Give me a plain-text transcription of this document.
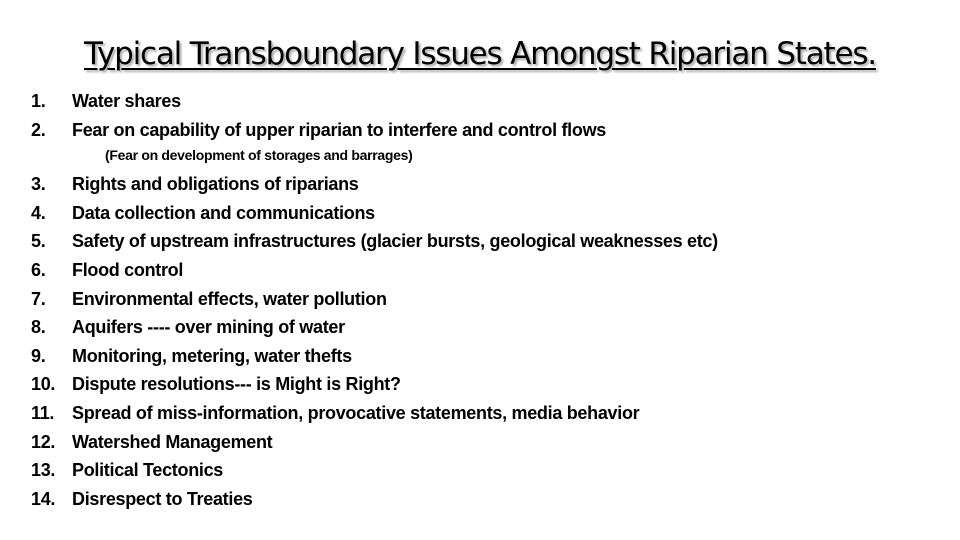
Typical Transboundary Issues Amongst Riparian States.
1. Water shares
2. Fear on capability of upper riparian to interfere and control flows
(Fear on development of storages and barrages)
3. Rights and obligations of riparians
4. Data collection and communications
5. Safety of upstream infrastructures (glacier bursts, geological weaknesses etc)
6. Flood control
7. Environmental effects, water pollution
8. Aquifers ---- over mining of water
9. Monitoring, metering, water thefts
10. Dispute resolutions--- is Might is Right?
11. Spread of miss-information, provocative statements, media behavior
12. Watershed Management
13. Political Tectonics
14. Disrespect to Treaties
